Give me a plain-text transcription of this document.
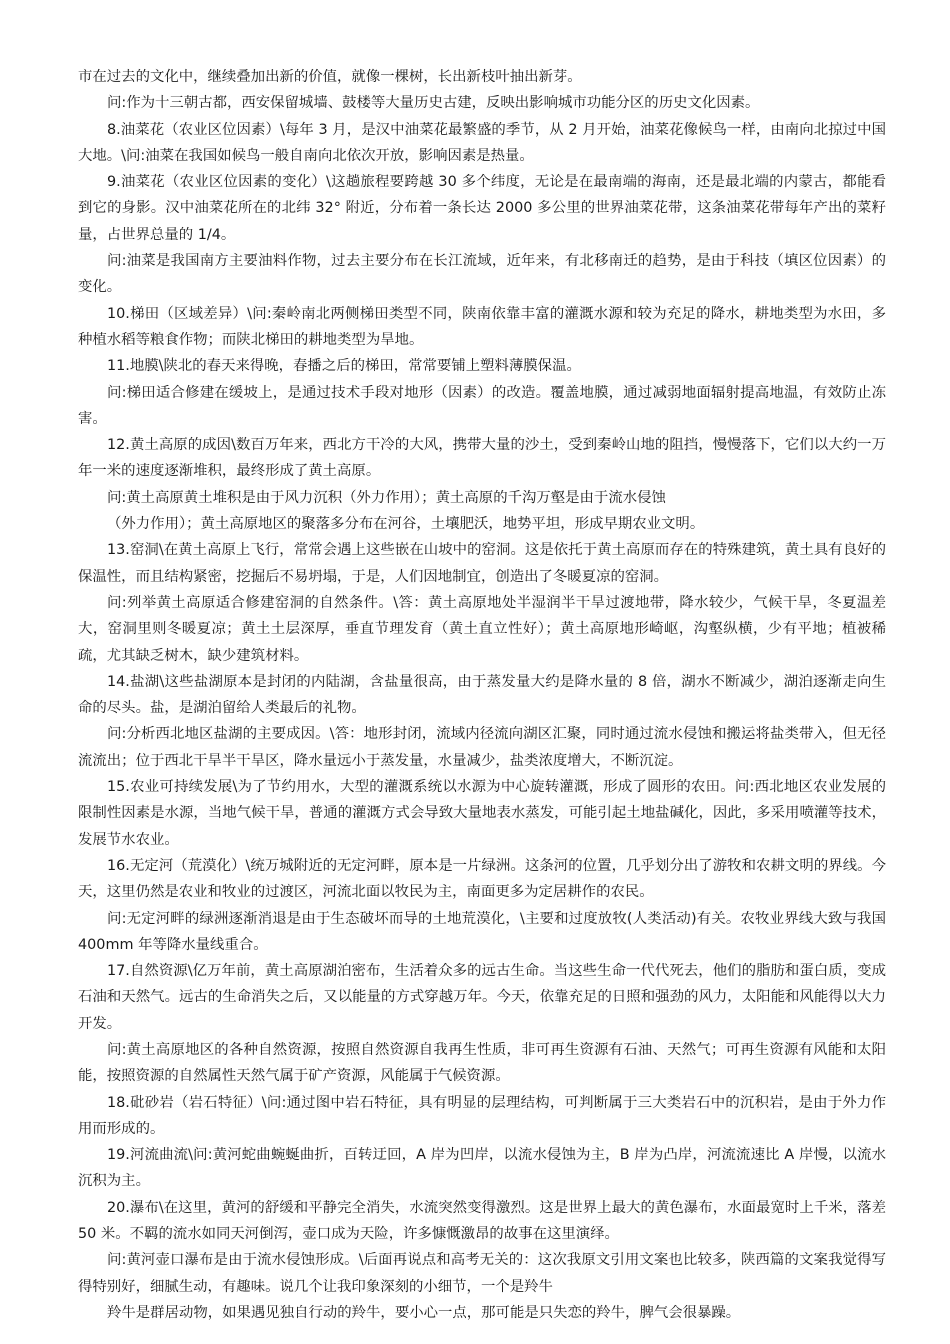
市在过去的文化中，继续叠加出新的价值，就像一棵树，长出新枝叶抽出新芽。

问:作为十三朝古都，西安保留城墙、鼓楼等大量历史古建，反映出影响城市功能分区的历史文化因素。

8.油菜花（农业区位因素）\每年 3 月，是汉中油菜花最繁盛的季节，从 2 月开始，油菜花像候鸟一样，由南向北掠过中国大地。\问:油菜在我国如候鸟一般自南向北依次开放，影响因素是热量。

9.油菜花（农业区位因素的变化）\这趟旅程要跨越 30 多个纬度，无论是在最南端的海南，还是最北端的内蒙古，都能看到它的身影。汉中油菜花所在的北纬 32° 附近，分布着一条长达 2000 多公里的世界油菜花带，这条油菜花带每年产出的菜籽量，占世界总量的 1/4。

问:油菜是我国南方主要油料作物，过去主要分布在长江流域，近年来，有北移南迁的趋势，是由于科技（填区位因素）的变化。

10.梯田（区域差异）\问:秦岭南北两侧梯田类型不同，陕南依靠丰富的灌溉水源和较为充足的降水，耕地类型为水田，多种植水稻等粮食作物；而陕北梯田的耕地类型为旱地。

11.地膜\陕北的春天来得晚，春播之后的梯田，常常要铺上塑料薄膜保温。

问:梯田适合修建在缓坡上，是通过技术手段对地形（因素）的改造。覆盖地膜，通过减弱地面辐射提高地温，有效防止冻害。

12.黄土高原的成因\数百万年来，西北方干冷的大风，携带大量的沙土，受到秦岭山地的阻挡，慢慢落下，它们以大约一万年一米的速度逐渐堆积，最终形成了黄土高原。

问:黄土高原黄土堆积是由于风力沉积（外力作用）；黄土高原的千沟万壑是由于流水侵蚀

（外力作用）；黄土高原地区的聚落多分布在河谷，土壤肥沃，地势平坦，形成早期农业文明。

13.窑洞\在黄土高原上飞行，常常会遇上这些嵌在山坡中的窑洞。这是依托于黄土高原而存在的特殊建筑，黄土具有良好的保温性，而且结构紧密，挖掘后不易坍塌，于是，人们因地制宜，创造出了冬暖夏凉的窑洞。

问:列举黄土高原适合修建窑洞的自然条件。\答：黄土高原地处半湿润半干旱过渡地带，降水较少，气候干旱，冬夏温差大，窑洞里则冬暖夏凉；黄土土层深厚，垂直节理发育（黄土直立性好）；黄土高原地形崎岖，沟壑纵横，少有平地；植被稀疏，尤其缺乏树木，缺少建筑材料。

14.盐湖\这些盐湖原本是封闭的内陆湖，含盐量很高，由于蒸发量大约是降水量的 8 倍，湖水不断减少，湖泊逐渐走向生命的尽头。盐，是湖泊留给人类最后的礼物。

问:分析西北地区盐湖的主要成因。\答：地形封闭，流域内径流向湖区汇聚，同时通过流水侵蚀和搬运将盐类带入，但无径流流出；位于西北干旱半干旱区，降水量远小于蒸发量，水量减少，盐类浓度增大，不断沉淀。

15.农业可持续发展\为了节约用水，大型的灌溉系统以水源为中心旋转灌溉，形成了圆形的农田。问:西北地区农业发展的限制性因素是水源，当地气候干旱，普通的灌溉方式会导致大量地表水蒸发，可能引起土地盐碱化，因此，多采用喷灌等技术，发展节水农业。

16.无定河（荒漠化）\统万城附近的无定河畔，原本是一片绿洲。这条河的位置，几乎划分出了游牧和农耕文明的界线。今天，这里仍然是农业和牧业的过渡区，河流北面以牧民为主，南面更多为定居耕作的农民。

问:无定河畔的绿洲逐渐消退是由于生态破坏而导的土地荒漠化，\主要和过度放牧(人类活动)有关。农牧业界线大致与我国 400mm 年等降水量线重合。

17.自然资源\亿万年前，黄土高原湖泊密布，生活着众多的远古生命。当这些生命一代代死去，他们的脂肪和蛋白质，变成石油和天然气。远古的生命消失之后，又以能量的方式穿越万年。今天，依靠充足的日照和强劲的风力，太阳能和风能得以大力开发。

问:黄土高原地区的各种自然资源，按照自然资源自我再生性质，非可再生资源有石油、天然气；可再生资源有风能和太阳能，按照资源的自然属性天然气属于矿产资源，风能属于气候资源。

18.砒砂岩（岩石特征）\问:通过图中岩石特征，具有明显的层理结构，可判断属于三大类岩石中的沉积岩，是由于外力作用而形成的。

19.河流曲流\问:黄河蛇曲蜿蜒曲折，百转迂回，A 岸为凹岸，以流水侵蚀为主，B 岸为凸岸，河流流速比 A 岸慢，以流水沉积为主。

20.瀑布\在这里，黄河的舒缓和平静完全消失，水流突然变得激烈。这是世界上最大的黄色瀑布，水面最宽时上千米，落差 50 米。不羁的流水如同天河倒泻，壶口成为天险，许多慷慨激昂的故事在这里演绎。

问:黄河壶口瀑布是由于流水侵蚀形成。\后面再说点和高考无关的：这次我原文引用文案也比较多，陕西篇的文案我觉得写得特别好，细腻生动，有趣味。说几个让我印象深刻的小细节，一个是羚牛

羚牛是群居动物，如果遇见独自行动的羚牛，要小心一点，那可能是只失恋的羚牛，脾气会很暴躁。
